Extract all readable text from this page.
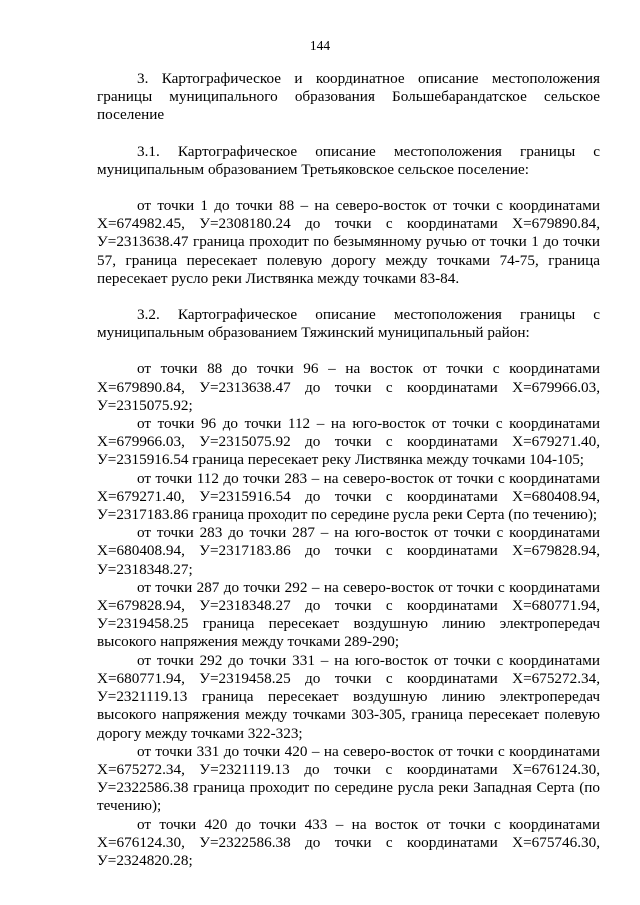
144

3. Картографическое и координатное описание местоположения границы муниципального образования Большебарандатское сельское поселение

3.1. Картографическое описание местоположения границы с муниципальным образованием Третьяковское сельское поселение:

от точки 1 до точки 88 – на северо-восток от точки с координатами Х=674982.45, У=2308180.24 до точки с координатами Х=679890.84, У=2313638.47 граница проходит по безымянному ручью от точки 1 до точки 57, граница пересекает полевую дорогу между точками 74-75, граница пересекает русло реки Листвянка между точками 83-84.

3.2. Картографическое описание местоположения границы с муниципальным образованием Тяжинский муниципальный район:

от точки 88 до точки 96 – на восток от точки с координатами Х=679890.84, У=2313638.47 до точки с координатами Х=679966.03, У=2315075.92;

от точки 96 до точки 112 – на юго-восток от точки с координатами Х=679966.03, У=2315075.92 до точки с координатами Х=679271.40, У=2315916.54 граница пересекает реку Листвянка между точками 104-105;

от точки 112 до точки 283 – на северо-восток от точки с координатами Х=679271.40, У=2315916.54 до точки с координатами Х=680408.94, У=2317183.86 граница проходит по середине русла реки Серта (по течению);

от точки 283 до точки 287 – на юго-восток от точки с координатами Х=680408.94, У=2317183.86 до точки с координатами Х=679828.94, У=2318348.27;

от точки 287 до точки 292 – на северо-восток от точки с координатами Х=679828.94, У=2318348.27 до точки с координатами Х=680771.94, У=2319458.25 граница пересекает воздушную линию электропередач высокого напряжения между точками 289-290;

от точки 292 до точки 331 – на юго-восток от точки с координатами Х=680771.94, У=2319458.25 до точки с координатами Х=675272.34, У=2321119.13 граница пересекает воздушную линию электропередач высокого напряжения между точками 303-305, граница пересекает полевую дорогу между точками 322-323;

от точки 331 до точки 420 – на северо-восток от точки с координатами Х=675272.34, У=2321119.13 до точки с координатами Х=676124.30, У=2322586.38 граница проходит по середине русла реки Западная Серта (по течению);

от точки 420 до точки 433 – на восток от точки с координатами Х=676124.30, У=2322586.38 до точки с координатами Х=675746.30, У=2324820.28;
